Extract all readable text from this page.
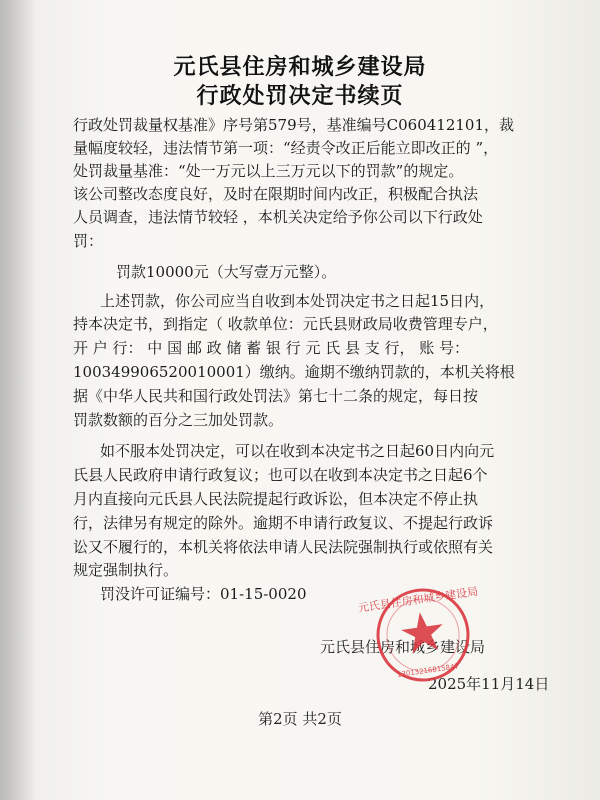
元氏县住房和城乡建设局
行政处罚决定书续页
行政处罚裁量权基准》序号第579号，基准编号C060412101，裁
量幅度较轻，违法情节第一项：“经责令改正后能立即改正的 ”，
处罚裁量基准：“处一万元以上三万元以下的罚款”的规定。
该公司整改态度良好，及时在限期时间内改正，积极配合执法
人员调查，违法情节较轻 ，本机关决定给予你公司以下行政处
罚：
罚款10000元（大写壹万元整）。
上述罚款，你公司应当自收到本处罚决定书之日起15日内，
持本决定书，到指定（ 收款单位：元氏县财政局收费管理专户，
开 户 行： 中 国 邮 政 储 蓄 银 行 元 氏 县 支 行， 账 号：
100349906520010001）缴纳。逾期不缴纳罚款的，本机关将根
据《中华人民共和国行政处罚法》第七十二条的规定，每日按
罚款数额的百分之三加处罚款。
如不服本处罚决定，可以在收到本决定书之日起60日内向元
氏县人民政府申请行政复议；也可以在收到本决定书之日起6个
月内直接向元氏县人民法院提起行政诉讼，但本决定不停止执
行，法律另有规定的除外。逾期不申请行政复议、不提起行政诉
讼又不履行的，本机关将依法申请人民法院强制执行或依照有关
规定强制执行。
罚没许可证编号：01-15-0020
元氏县住房和城乡建设局
2025年11月14日
元氏县住房和城乡建设局
13013216815847
第2页 共2页
